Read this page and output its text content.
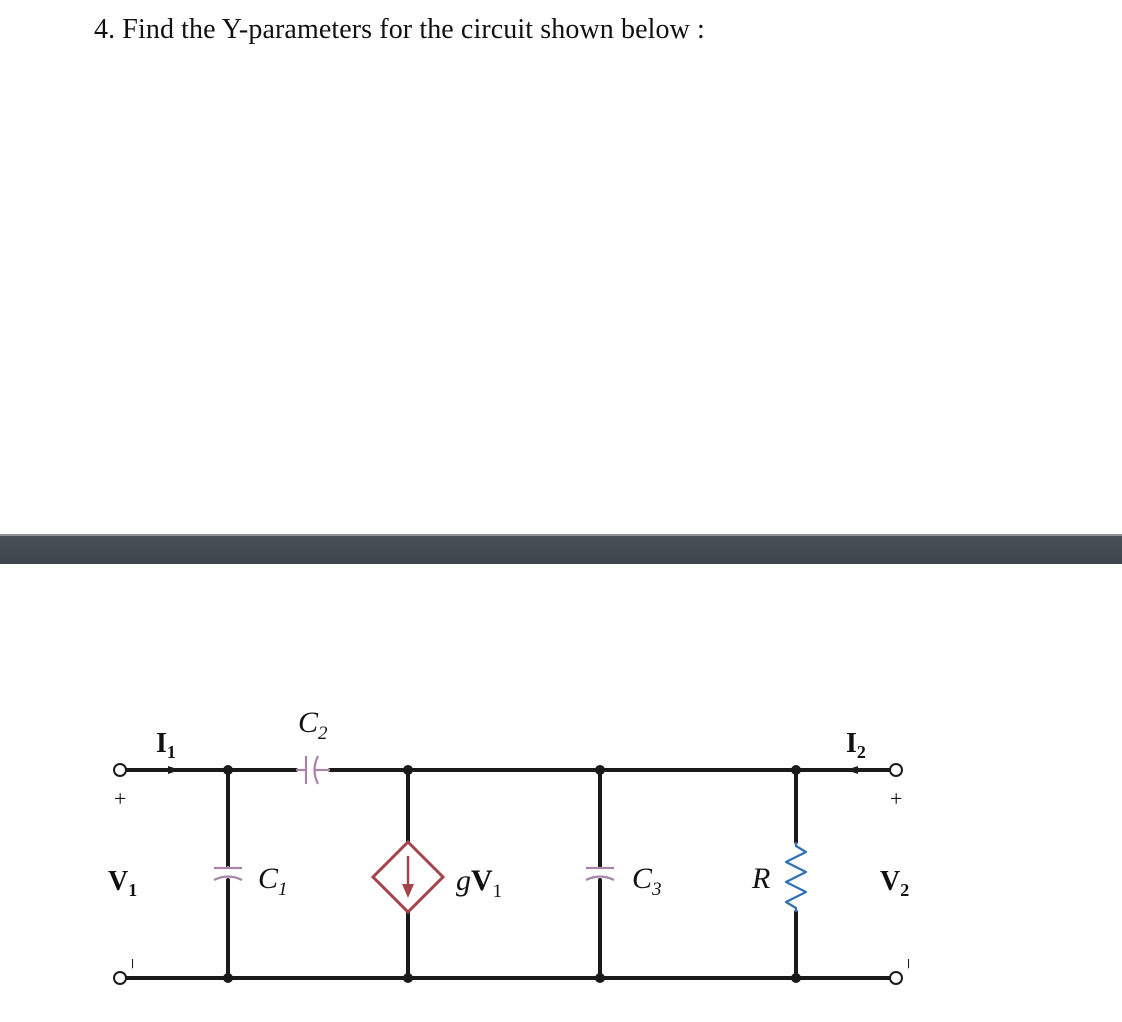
4. Find the Y-parameters for the circuit shown below :
$I_1$	$I_2$
$C_2$
$C_1$	$C_3$	R
$gV_1$
$V_1$	$V_2$
+	+
−	−
